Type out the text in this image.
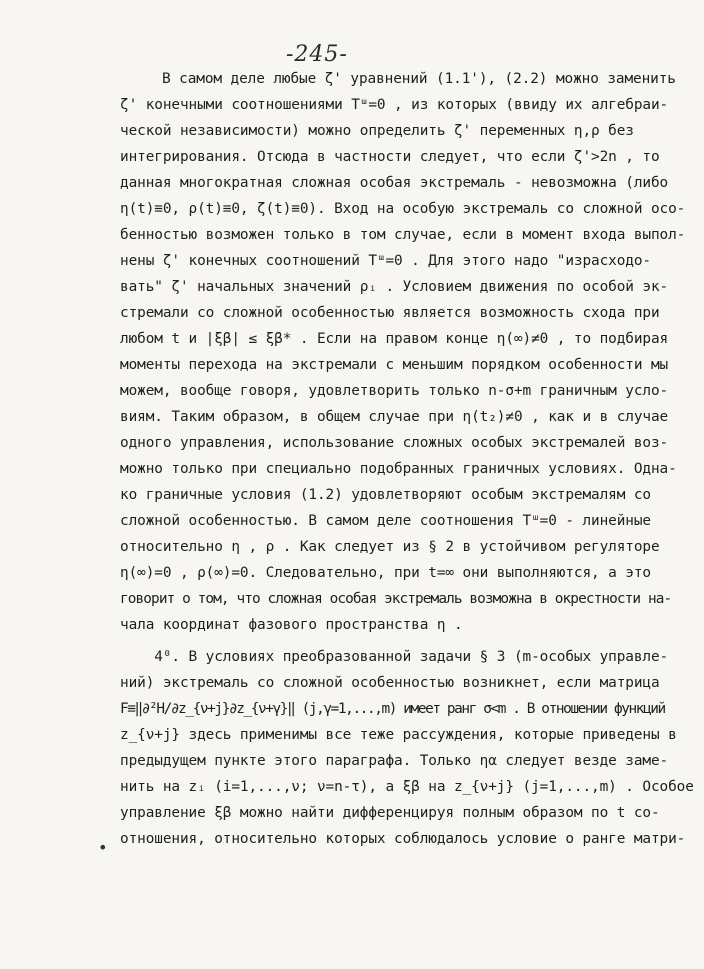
-245-
•
В самом деле любые ζ' уравнений (1.1'), (2.2) можно заменить
ζ' конечными соотношениями Tᵚ=0 , из которых (ввиду их алгебраи-
ческой независимости) можно определить ζ' переменных η,ρ без
интегрирования. Отсюда в частности следует, что если ζ'>2n , то
данная многократная сложная особая экстремаль - невозможна (либо
η(t)≡0, ρ(t)≡0, ζ(t)≡0). Вход на особую экстремаль со сложной осо-
бенностью возможен только в том случае, если в момент входа выпол-
нены ζ' конечных соотношений Tᵚ=0 . Для этого надо "израсходо-
вать" ζ' начальных значений ρᵢ . Условием движения по особой эк-
стремали со сложной особенностью является возможность схода при
любом t и |ξβ| ≤ ξβ* . Если на правом конце η(∞)≠0 , то подбирая
моменты перехода на экстремали с меньшим порядком особенности мы
можем, вообще говоря, удовлетворить только n-σ+m граничным усло-
виям. Таким образом, в общем случае при η(t₂)≠0 , как и в случае
одного управления, использование сложных особых экстремалей воз-
можно только при специально подобранных граничных условиях. Одна-
ко граничные условия (1.2) удовлетворяют особым экстремалям со
сложной особенностью. В самом деле соотношения Tᵚ=0 - линейные
относительно η , ρ . Как следует из § 2 в устойчивом регуляторе
η(∞)=0 , ρ(∞)=0. Следовательно, при t=∞ они выполняются, а это
говорит о том, что сложная особая экстремаль возможна в окрестности на-
чала координат фазового пространства η .
4⁰. В условиях преобразованной задачи § 3 (m-особых управле-
ний) экстремаль со сложной особенностью возникнет, если матрица
F≡‖∂²H/∂z_{ν+j}∂z_{ν+γ}‖ (j,γ=1,...,m) имеет ранг σ<m . В отношении функций
z_{ν+j} здесь применимы все теже рассуждения, которые приведены в
предыдущем пункте этого параграфа. Только ηα следует везде заме-
нить на zᵢ (i=1,...,ν; ν=n-τ), а ξβ на z_{ν+j} (j=1,...,m) . Особое
управление ξβ можно найти дифференцируя полным образом по t со-
отношения, относительно которых соблюдалось условие о ранге матри-
